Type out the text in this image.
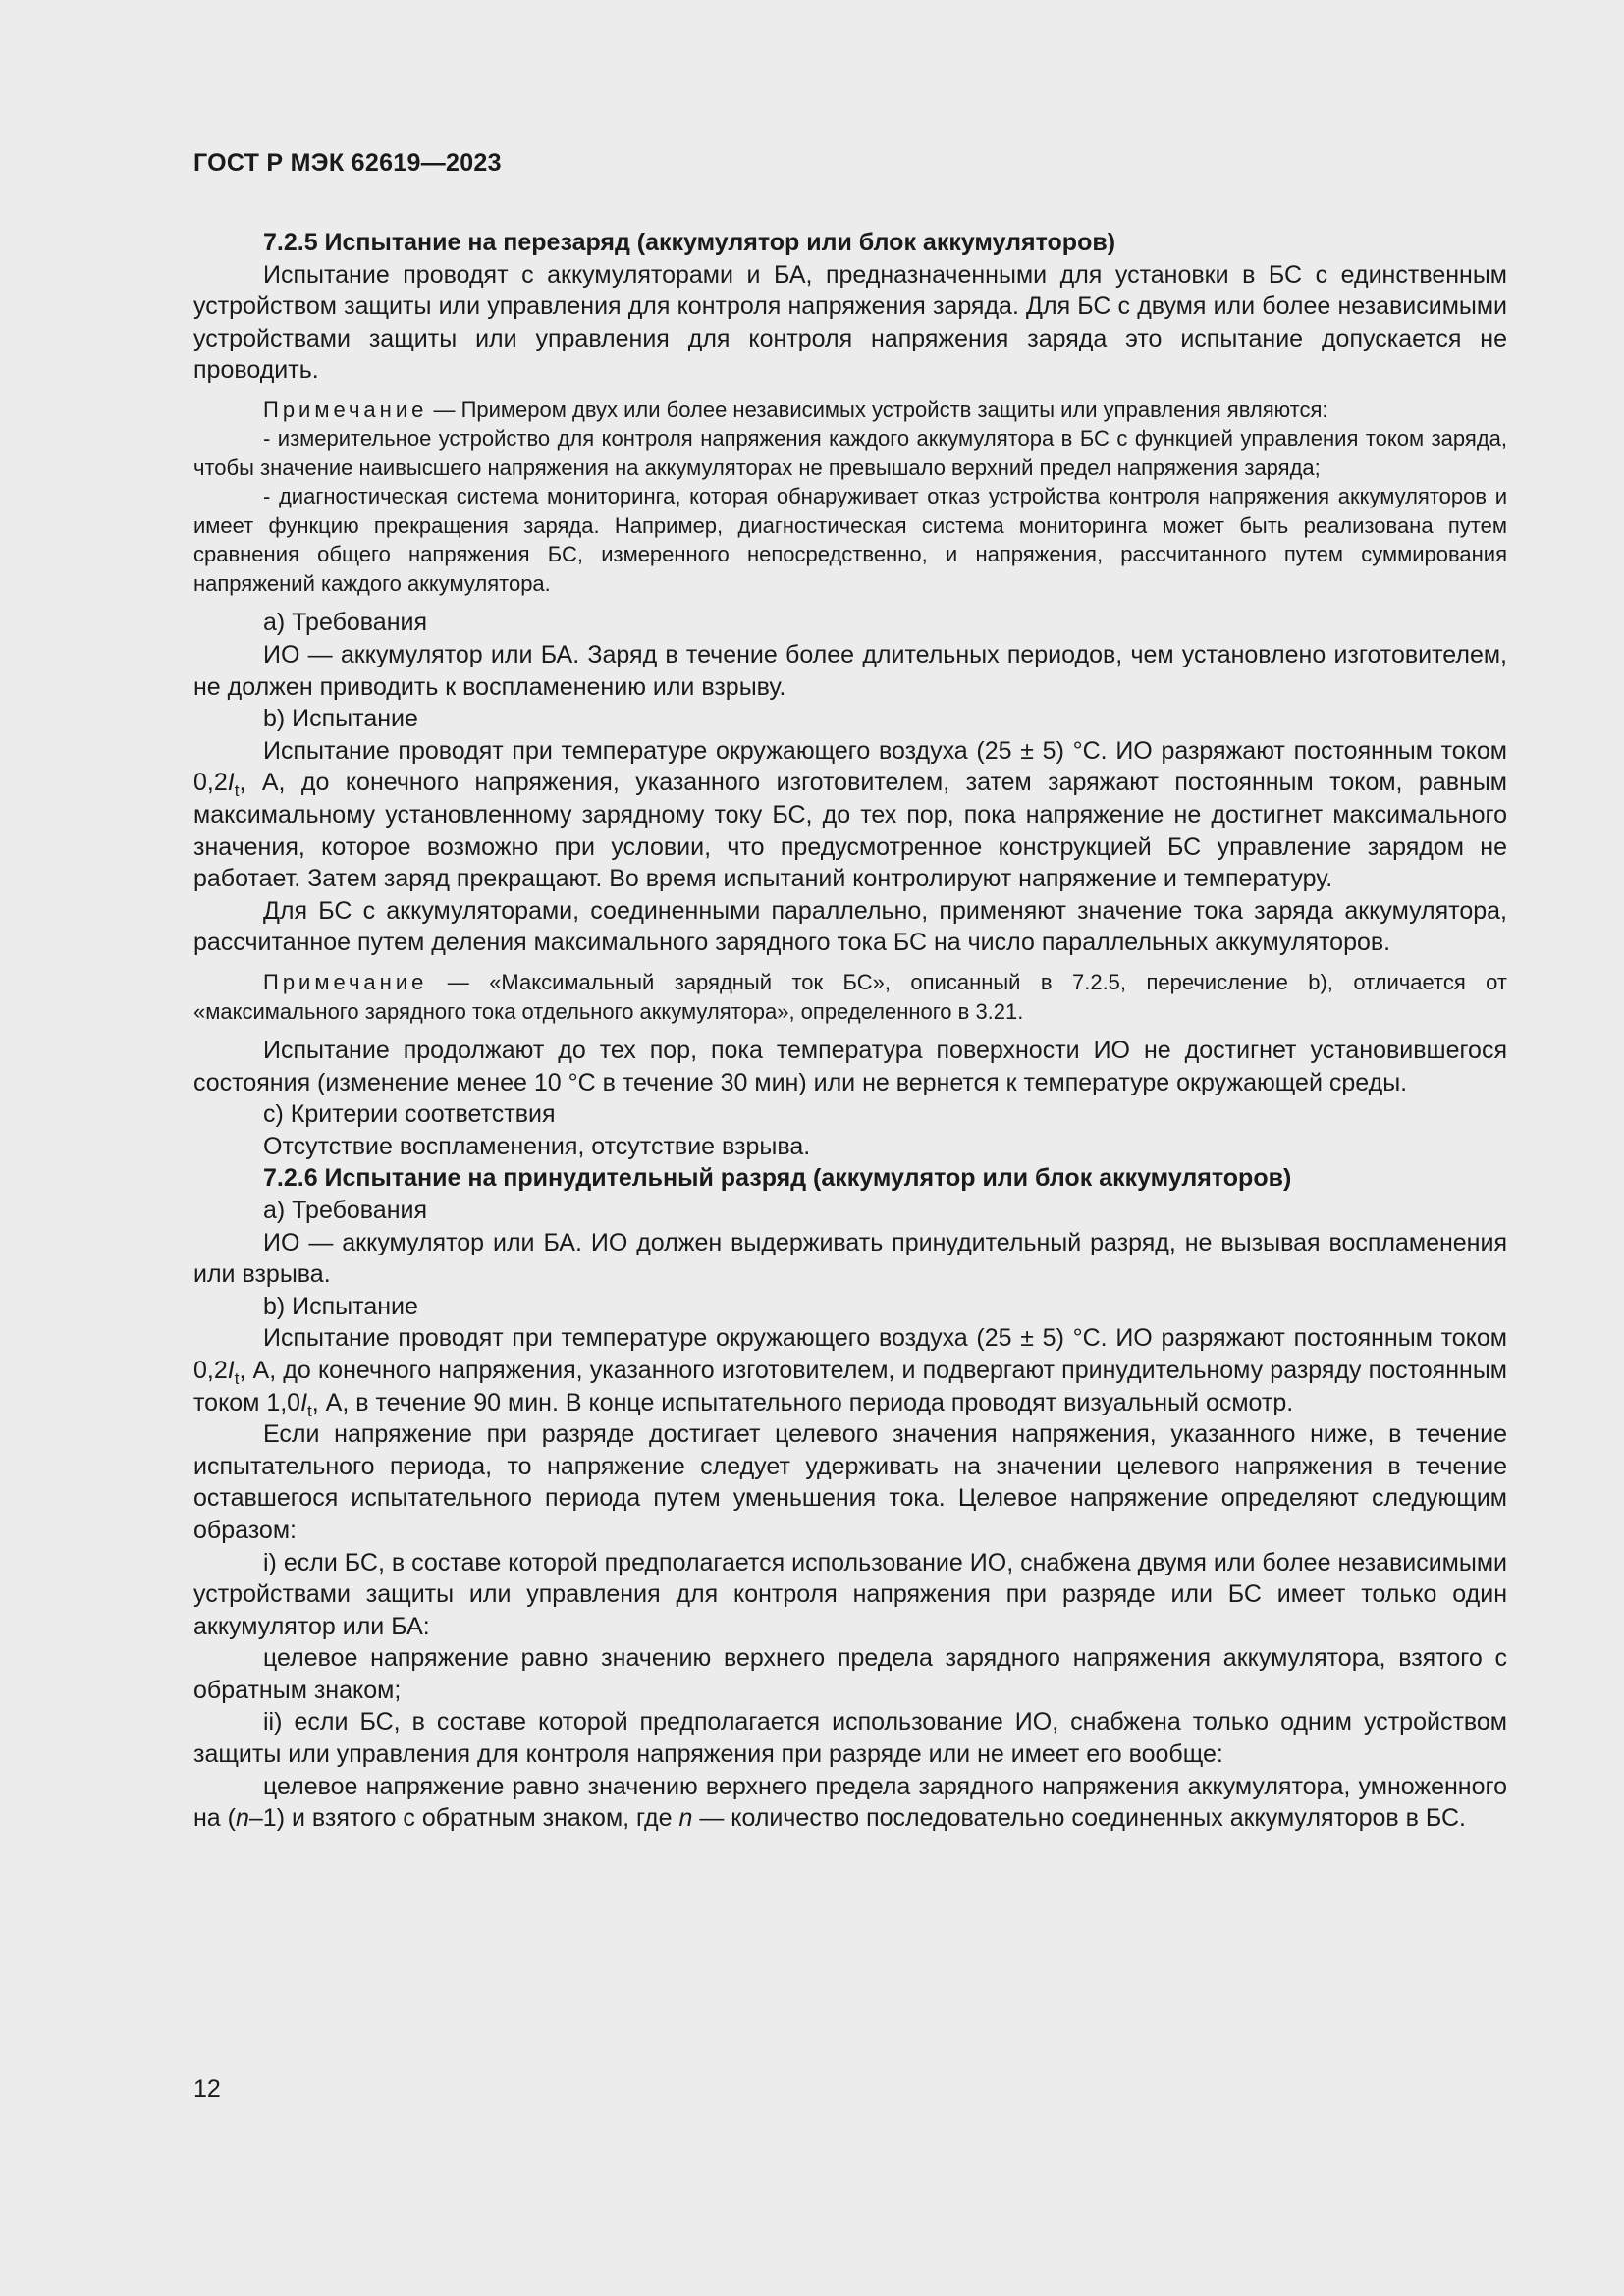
ГОСТ Р МЭК 62619—2023

7.2.5 Испытание на перезаряд (аккумулятор или блок аккумуляторов)

Испытание проводят с аккумуляторами и БА, предназначенными для установки в БС с единственным устройством защиты или управления для контроля напряжения заряда. Для БС с двумя или более независимыми устройствами защиты или управления для контроля напряжения заряда это испытание допускается не проводить.

Примечание — Примером двух или более независимых устройств защиты или управления являются:

- измерительное устройство для контроля напряжения каждого аккумулятора в БС с функцией управления током заряда, чтобы значение наивысшего напряжения на аккумуляторах не превышало верхний предел напряжения заряда;

- диагностическая система мониторинга, которая обнаруживает отказ устройства контроля напряжения аккумуляторов и имеет функцию прекращения заряда. Например, диагностическая система мониторинга может быть реализована путем сравнения общего напряжения БС, измеренного непосредственно, и напряжения, рассчитанного путем суммирования напряжений каждого аккумулятора.

a) Требования

ИО — аккумулятор или БА. Заряд в течение более длительных периодов, чем установлено изготовителем, не должен приводить к воспламенению или взрыву.

b) Испытание

Испытание проводят при температуре окружающего воздуха (25 ± 5) °С. ИО разряжают постоянным током $0,2I_t$, А, до конечного напряжения, указанного изготовителем, затем заряжают постоянным током, равным максимальному установленному зарядному току БС, до тех пор, пока напряжение не достигнет максимального значения, которое возможно при условии, что предусмотренное конструкцией БС управление зарядом не работает. Затем заряд прекращают. Во время испытаний контролируют напряжение и температуру.

Для БС с аккумуляторами, соединенными параллельно, применяют значение тока заряда аккумулятора, рассчитанное путем деления максимального зарядного тока БС на число параллельных аккумуляторов.

Примечание — «Максимальный зарядный ток БС», описанный в 7.2.5, перечисление b), отличается от «максимального зарядного тока отдельного аккумулятора», определенного в 3.21.

Испытание продолжают до тех пор, пока температура поверхности ИО не достигнет установившегося состояния (изменение менее 10 °С в течение 30 мин) или не вернется к температуре окружающей среды.

c) Критерии соответствия

Отсутствие воспламенения, отсутствие взрыва.

7.2.6 Испытание на принудительный разряд (аккумулятор или блок аккумуляторов)

a) Требования

ИО — аккумулятор или БА. ИО должен выдерживать принудительный разряд, не вызывая воспламенения или взрыва.

b) Испытание

Испытание проводят при температуре окружающего воздуха (25 ± 5) °С. ИО разряжают постоянным током $0,2I_t$, А, до конечного напряжения, указанного изготовителем, и подвергают принудительному разряду постоянным током $1,0I_t$, А, в течение 90 мин. В конце испытательного периода проводят визуальный осмотр.

Если напряжение при разряде достигает целевого значения напряжения, указанного ниже, в течение испытательного периода, то напряжение следует удерживать на значении целевого напряжения в течение оставшегося испытательного периода путем уменьшения тока. Целевое напряжение определяют следующим образом:

i) если БС, в составе которой предполагается использование ИО, снабжена двумя или более независимыми устройствами защиты или управления для контроля напряжения при разряде или БС имеет только один аккумулятор или БА:

целевое напряжение равно значению верхнего предела зарядного напряжения аккумулятора, взятого с обратным знаком;

ii) если БС, в составе которой предполагается использование ИО, снабжена только одним устройством защиты или управления для контроля напряжения при разряде или не имеет его вообще:

целевое напряжение равно значению верхнего предела зарядного напряжения аккумулятора, умноженного на (n–1) и взятого с обратным знаком, где n — количество последовательно соединенных аккумуляторов в БС.

12
